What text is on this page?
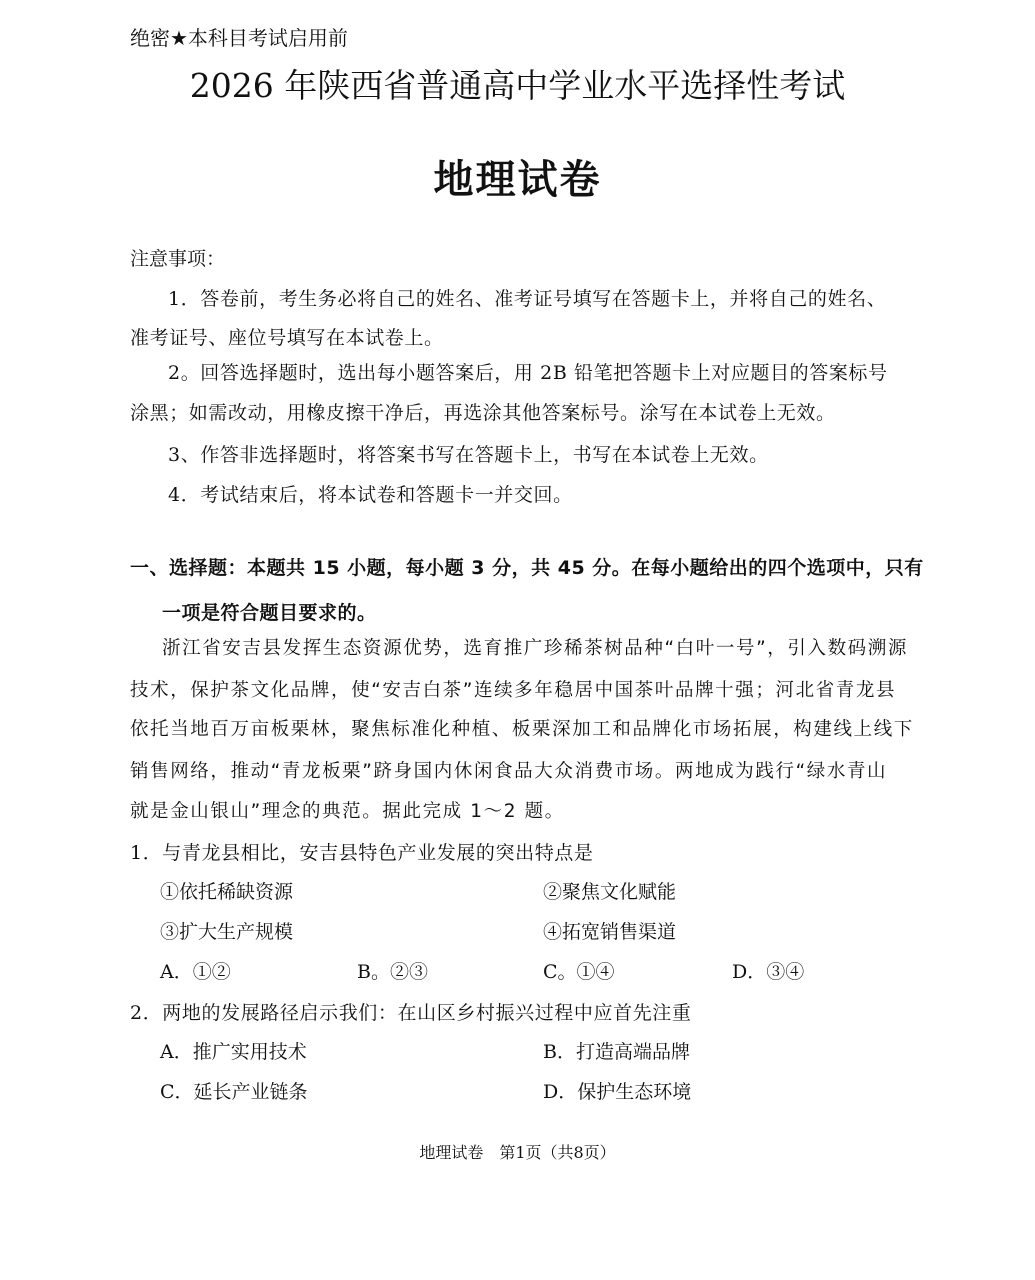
绝密★本科目考试启用前

2026 年陕西省普通高中学业水平选择性考试

地理试卷

注意事项：

1．答卷前，考生务必将自己的姓名、准考证号填写在答题卡上，并将自己的姓名、

准考证号、座位号填写在本试卷上。

2。回答选择题时，选出每小题答案后，用 2B 铅笔把答题卡上对应题目的答案标号

涂黑；如需改动，用橡皮擦干净后，再选涂其他答案标号。涂写在本试卷上无效。

3、作答非选择题时，将答案书写在答题卡上，书写在本试卷上无效。

4．考试结束后，将本试卷和答题卡一并交回。

一、选择题：本题共 15 小题，每小题 3 分，共 45 分。在每小题给出的四个选项中，只有

一项是符合题目要求的。

浙江省安吉县发挥生态资源优势，选育推广珍稀茶树品种“白叶一号”，引入数码溯源

技术，保护茶文化品牌，使“安吉白茶”连续多年稳居中国茶叶品牌十强；河北省青龙县

依托当地百万亩板栗林，聚焦标准化种植、板栗深加工和品牌化市场拓展，构建线上线下

销售网络，推动“青龙板栗”跻身国内休闲食品大众消费市场。两地成为践行“绿水青山

就是金山银山”理念的典范。据此完成 1～2 题。

1．与青龙县相比，安吉县特色产业发展的突出特点是

①依托稀缺资源	②聚焦文化赋能

③扩大生产规模	④拓宽销售渠道

A．①②	B。②③	C。①④	D．③④

2．两地的发展路径启示我们：在山区乡村振兴过程中应首先注重

A．推广实用技术	B．打造高端品牌

C．延长产业链条	D．保护生态环境

地理试卷　第1页（共8页）
